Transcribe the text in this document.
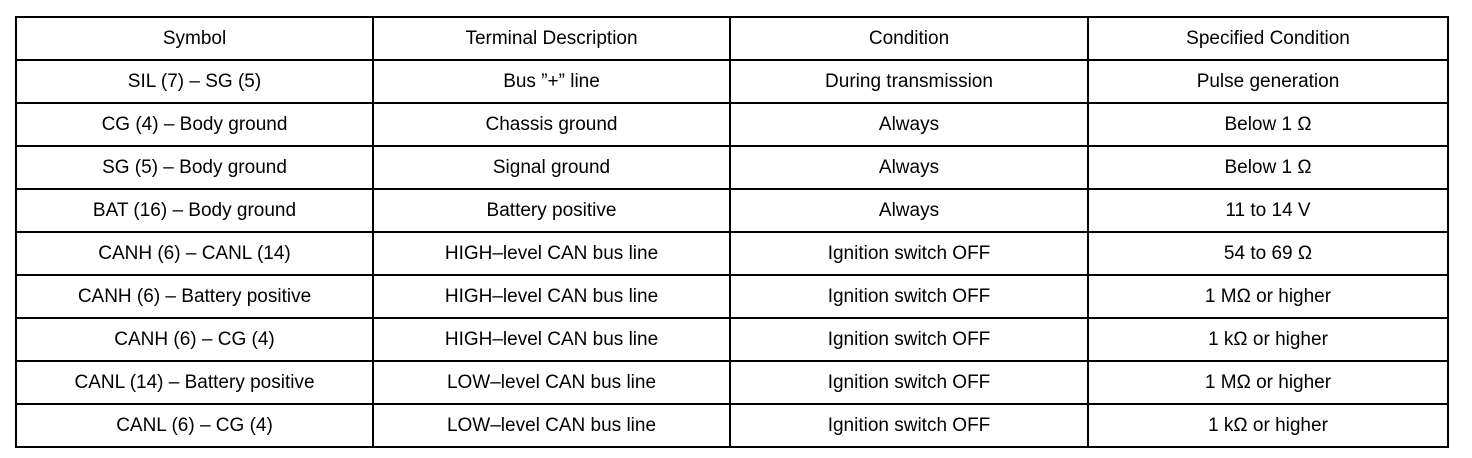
Symbol	Terminal Description	Condition	Specified Condition
SIL (7) – SG (5)	Bus ”+” line	During transmission	Pulse generation
CG (4) – Body ground	Chassis ground	Always	Below 1 Ω
SG (5) – Body ground	Signal ground	Always	Below 1 Ω
BAT (16) – Body ground	Battery positive	Always	11 to 14 V
CANH (6) – CANL (14)	HIGH–level CAN bus line	Ignition switch OFF	54 to 69 Ω
CANH (6) – Battery positive	HIGH–level CAN bus line	Ignition switch OFF	1 MΩ or higher
CANH (6) – CG (4)	HIGH–level CAN bus line	Ignition switch OFF	1 kΩ or higher
CANL (14) – Battery positive	LOW–level CAN bus line	Ignition switch OFF	1 MΩ or higher
CANL (6) – CG (4)	LOW–level CAN bus line	Ignition switch OFF	1 kΩ or higher
